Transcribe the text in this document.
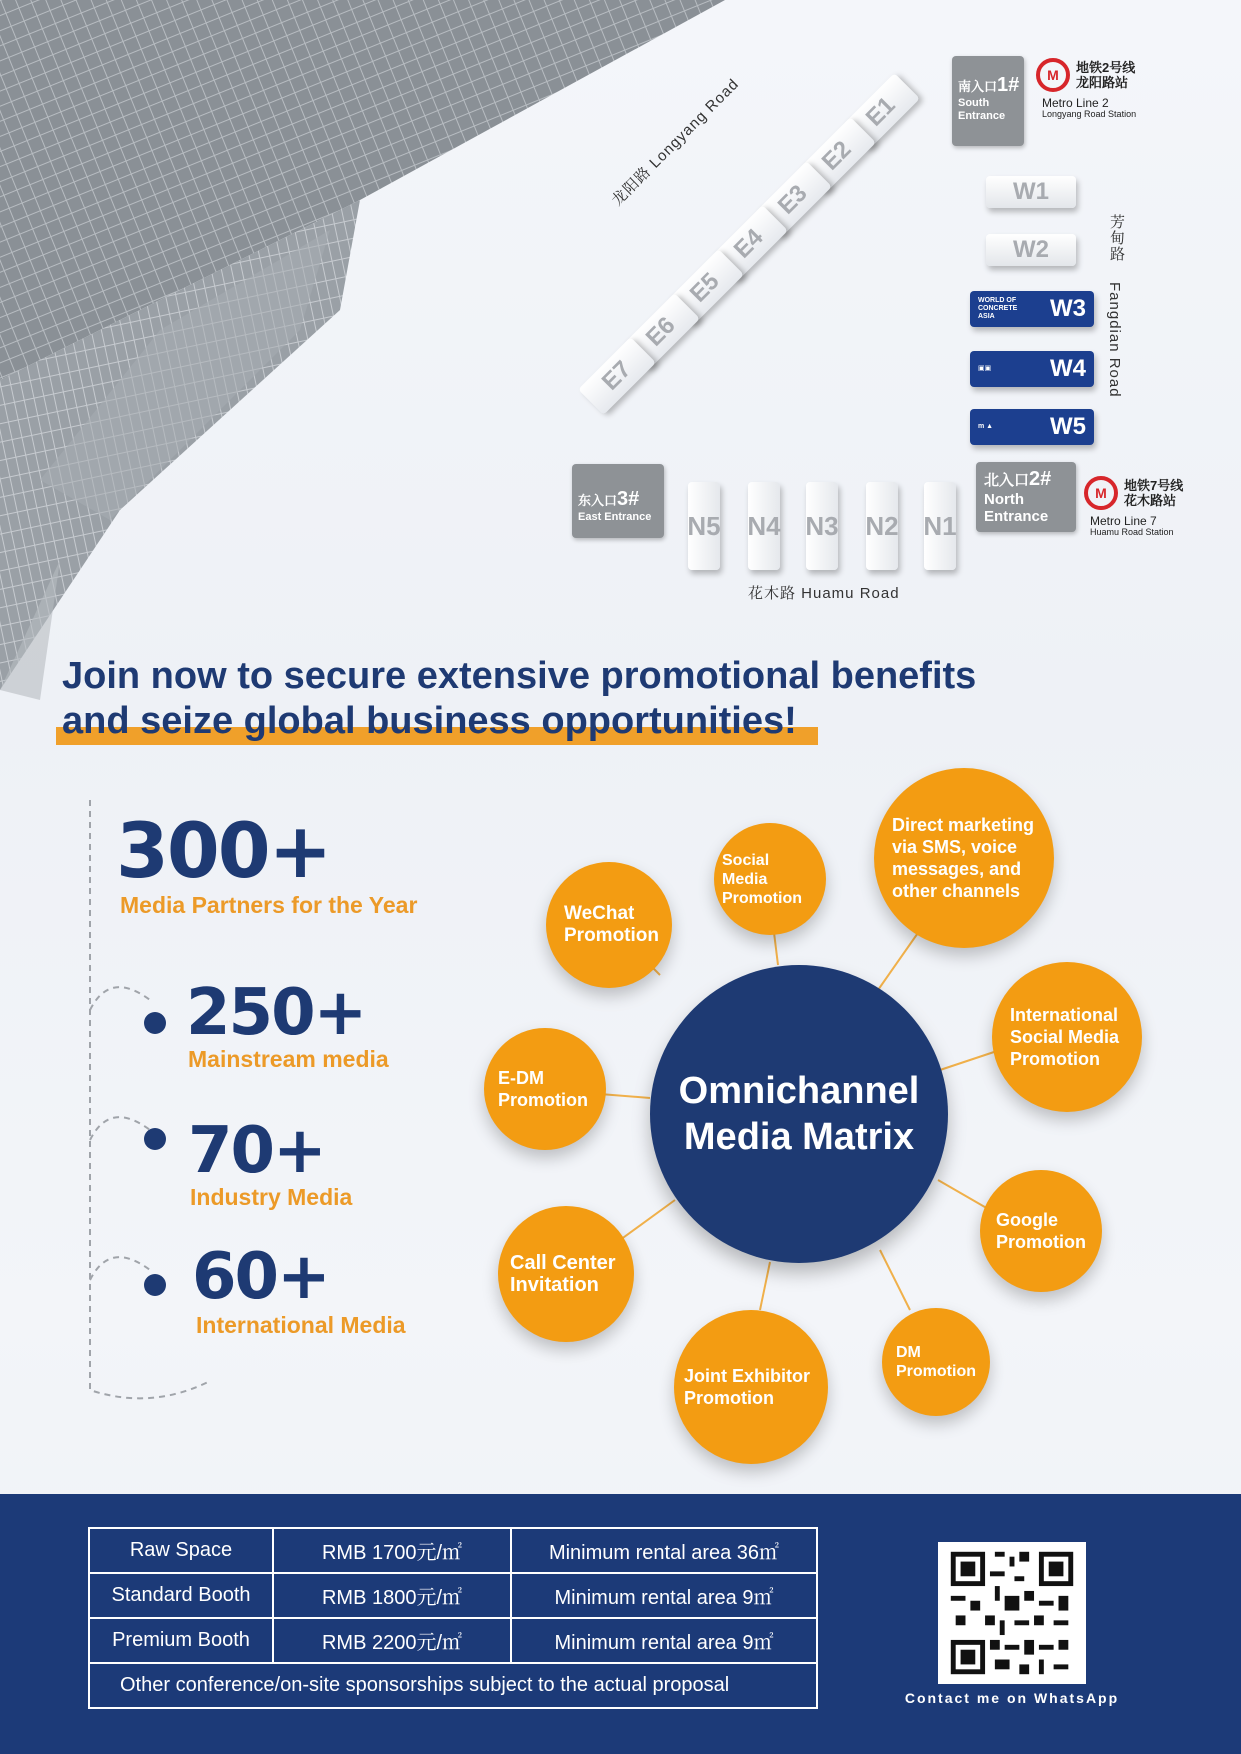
E1
E2
E3
E4
E5
E6
E7
N5 N4 N3 N2 N1
W1
W2
WORLD OF CONCRETE ASIA	W3
▣▣	W4
m ▲	W5
南入口1#
South
Entrance
东入口3#
East Entrance
北入口2#
North
Entrance
M	地铁2号线
龙阳路站
Metro Line 2
Longyang Road Station
M	地铁7号线
花木路站
Metro Line 7
Huamu Road Station
龙阳路 Longyang Road
芳甸路
Fangdian Road
花木路 Huamu Road
Join now to secure extensive promotional benefits
and seize global business opportunities!
300+
Media Partners for the Year
250+
Mainstream media
70+
Industry Media
60+
International Media
Omnichannel
Media Matrix
WeChat
Promotion
Social Media
Promotion
Direct marketing
via SMS, voice
messages, and
other channels
International
Social Media
Promotion
Google
Promotion
DM
Promotion
Joint Exhibitor
Promotion
Call Center
Invitation
E-DM
Promotion
Raw Space	RMB 1700元/㎡	Minimum rental area 36㎡
Standard Booth	RMB 1800元/㎡	Minimum rental area 9㎡
Premium Booth	RMB 2200元/㎡	Minimum rental area 9㎡
Other conference/on-site sponsorships subject to the actual proposal		
Contact me on WhatsApp
